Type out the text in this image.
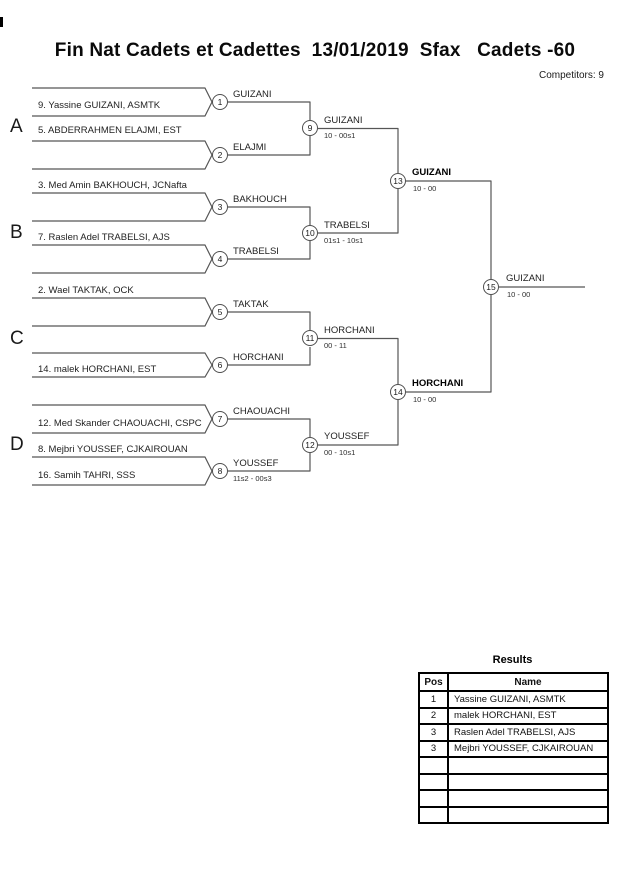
Fin Nat Cadets et Cadettes  13/01/2019  Sfax   Cadets -60
Competitors: 9
A
B
C
D
9. Yassine GUIZANI, ASMTK
5. ABDERRAHMEN ELAJMI, EST
3. Med Amin BAKHOUCH, JCNafta
7. Raslen Adel TRABELSI, AJS
2. Wael TAKTAK, OCK
14. malek HORCHANI, EST
12. Med Skander CHAOUACHI, CSPC
8. Mejbri YOUSSEF, CJKAIROUAN
16. Samih TAHRI, SSS
GUIZANI
ELAJMI
BAKHOUCH
TRABELSI
TAKTAK
HORCHANI
CHAOUACHI
YOUSSEF
GUIZANI
TRABELSI
HORCHANI
YOUSSEF
GUIZANI
HORCHANI
GUIZANI
11s2 - 00s3
10 - 00s1
01s1 - 10s1
00 - 11
00 - 10s1
10 - 00
10 - 00
10 - 00
1
2
3
4
5
6
7
8
9
10
11
12
13
14
15
Results
Pos	Name
1	Yassine GUIZANI, ASMTK
2	malek HORCHANI, EST
3	Raslen Adel TRABELSI, AJS
3	Mejbri YOUSSEF, CJKAIROUAN
